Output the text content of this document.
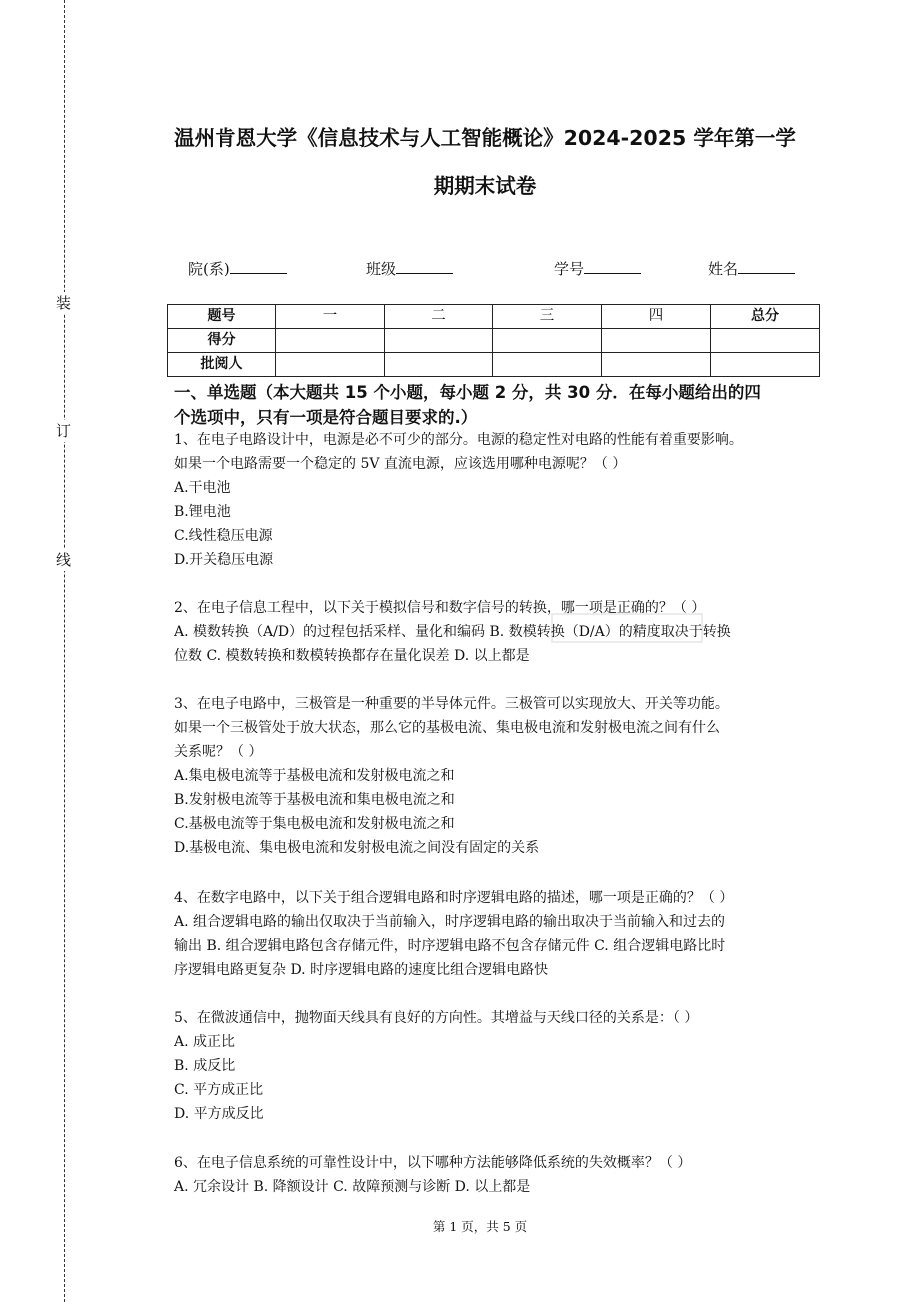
装
订
线
温州肯恩大学《信息技术与人工智能概论》2024-2025 学年第一学
期期末试卷
院(系)	班级	学号	姓名
题号	一	二	三	四	总分
得分					
批阅人					
一、单选题（本大题共 15 个小题，每小题 2 分，共 30 分．在每小题给出的四
个选项中，只有一项是符合题目要求的.）
1、在电子电路设计中，电源是必不可少的部分。电源的稳定性对电路的性能有着重要影响。
如果一个电路需要一个稳定的 5V 直流电源，应该选用哪种电源呢？（ ）
A.干电池
B.锂电池
C.线性稳压电源
D.开关稳压电源
2、在电子信息工程中，以下关于模拟信号和数字信号的转换，哪一项是正确的？（ ）
A. 模数转换（A/D）的过程包括采样、量化和编码 B. 数模转换（D/A）的精度取决于转换
位数 C. 模数转换和数模转换都存在量化误差 D. 以上都是
3、在电子电路中，三极管是一种重要的半导体元件。三极管可以实现放大、开关等功能。
如果一个三极管处于放大状态，那么它的基极电流、集电极电流和发射极电流之间有什么
关系呢？（ ）
A.集电极电流等于基极电流和发射极电流之和
B.发射极电流等于基极电流和集电极电流之和
C.基极电流等于集电极电流和发射极电流之和
D.基极电流、集电极电流和发射极电流之间没有固定的关系
4、在数字电路中，以下关于组合逻辑电路和时序逻辑电路的描述，哪一项是正确的？（ ）
A. 组合逻辑电路的输出仅取决于当前输入，时序逻辑电路的输出取决于当前输入和过去的
输出 B. 组合逻辑电路包含存储元件，时序逻辑电路不包含存储元件 C. 组合逻辑电路比时
序逻辑电路更复杂 D. 时序逻辑电路的速度比组合逻辑电路快
5、在微波通信中，抛物面天线具有良好的方向性。其增益与天线口径的关系是：（ ）
A. 成正比
B. 成反比
C. 平方成正比
D. 平方成反比
6、在电子信息系统的可靠性设计中，以下哪种方法能够降低系统的失效概率？（ ）
A. 冗余设计 B. 降额设计 C. 故障预测与诊断 D. 以上都是
第 1 页，共 5 页
